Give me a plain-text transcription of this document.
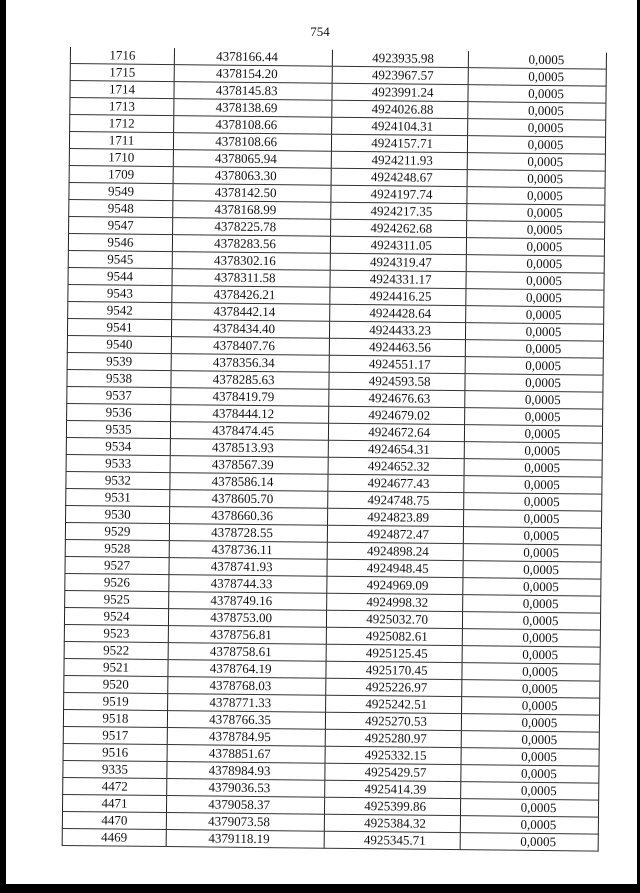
754
1716	4378166.44	4923935.98	0,0005
1715	4378154.20	4923967.57	0,0005
1714	4378145.83	4923991.24	0,0005
1713	4378138.69	4924026.88	0,0005
1712	4378108.66	4924104.31	0,0005
1711	4378108.66	4924157.71	0,0005
1710	4378065.94	4924211.93	0,0005
1709	4378063.30	4924248.67	0,0005
9549	4378142.50	4924197.74	0,0005
9548	4378168.99	4924217.35	0,0005
9547	4378225.78	4924262.68	0,0005
9546	4378283.56	4924311.05	0,0005
9545	4378302.16	4924319.47	0,0005
9544	4378311.58	4924331.17	0,0005
9543	4378426.21	4924416.25	0,0005
9542	4378442.14	4924428.64	0,0005
9541	4378434.40	4924433.23	0,0005
9540	4378407.76	4924463.56	0,0005
9539	4378356.34	4924551.17	0,0005
9538	4378285.63	4924593.58	0,0005
9537	4378419.79	4924676.63	0,0005
9536	4378444.12	4924679.02	0,0005
9535	4378474.45	4924672.64	0,0005
9534	4378513.93	4924654.31	0,0005
9533	4378567.39	4924652.32	0,0005
9532	4378586.14	4924677.43	0,0005
9531	4378605.70	4924748.75	0,0005
9530	4378660.36	4924823.89	0,0005
9529	4378728.55	4924872.47	0,0005
9528	4378736.11	4924898.24	0,0005
9527	4378741.93	4924948.45	0,0005
9526	4378744.33	4924969.09	0,0005
9525	4378749.16	4924998.32	0,0005
9524	4378753.00	4925032.70	0,0005
9523	4378756.81	4925082.61	0,0005
9522	4378758.61	4925125.45	0,0005
9521	4378764.19	4925170.45	0,0005
9520	4378768.03	4925226.97	0,0005
9519	4378771.33	4925242.51	0,0005
9518	4378766.35	4925270.53	0,0005
9517	4378784.95	4925280.97	0,0005
9516	4378851.67	4925332.15	0,0005
9335	4378984.93	4925429.57	0,0005
4472	4379036.53	4925414.39	0,0005
4471	4379058.37	4925399.86	0,0005
4470	4379073.58	4925384.32	0,0005
4469	4379118.19	4925345.71	0,0005
